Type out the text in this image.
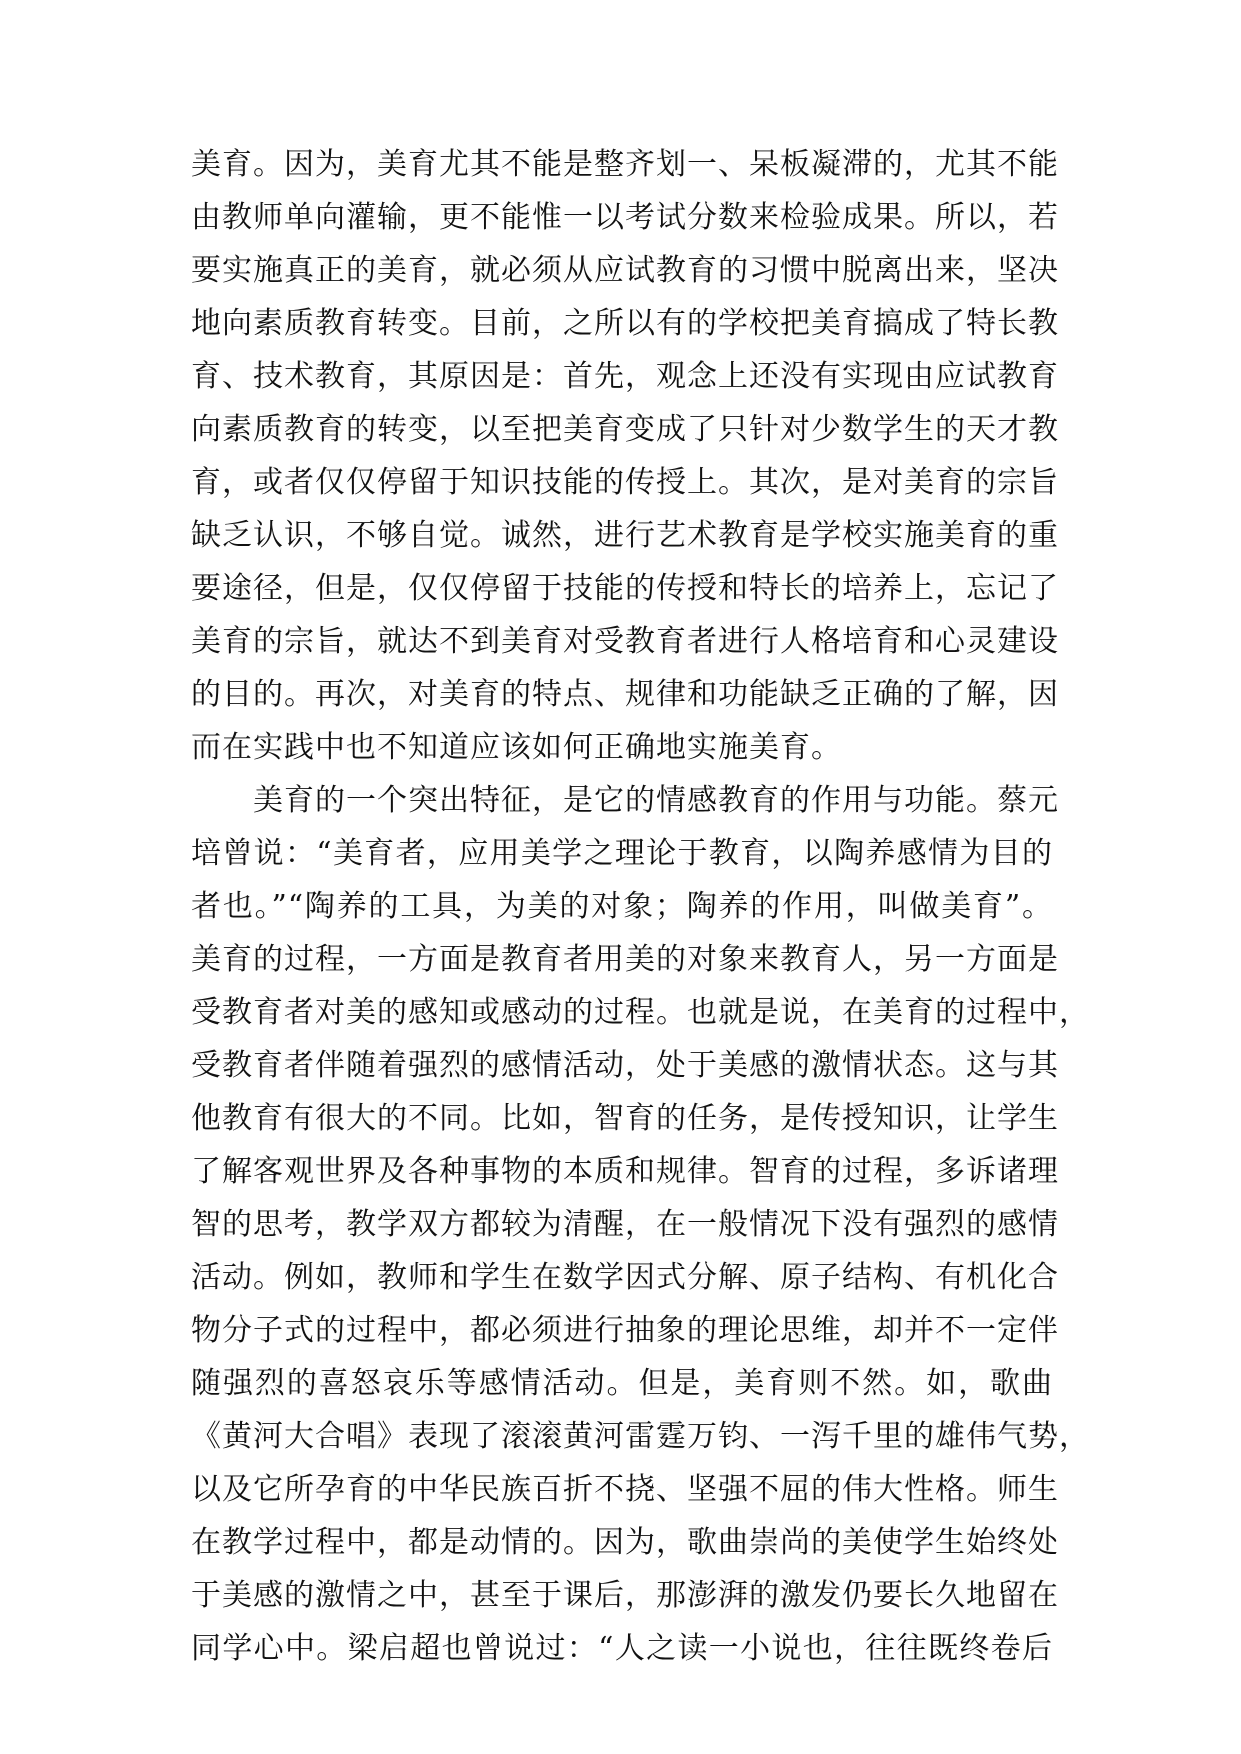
美育。因为，美育尤其不能是整齐划一、呆板凝滞的，尤其不能
由教师单向灌输，更不能惟一以考试分数来检验成果。所以，若
要实施真正的美育，就必须从应试教育的习惯中脱离出来，坚决
地向素质教育转变。目前，之所以有的学校把美育搞成了特长教
育、技术教育，其原因是：首先，观念上还没有实现由应试教育
向素质教育的转变，以至把美育变成了只针对少数学生的天才教
育，或者仅仅停留于知识技能的传授上。其次，是对美育的宗旨
缺乏认识，不够自觉。诚然，进行艺术教育是学校实施美育的重
要途径，但是，仅仅停留于技能的传授和特长的培养上，忘记了
美育的宗旨，就达不到美育对受教育者进行人格培育和心灵建设
的目的。再次，对美育的特点、规律和功能缺乏正确的了解，因
而在实践中也不知道应该如何正确地实施美育。
美育的一个突出特征，是它的情感教育的作用与功能。蔡元
培曾说：“美育者，应用美学之理论于教育，以陶养感情为目的
者也。”“陶养的工具，为美的对象；陶养的作用，叫做美育”。
美育的过程，一方面是教育者用美的对象来教育人，另一方面是
受教育者对美的感知或感动的过程。也就是说，在美育的过程中，
受教育者伴随着强烈的感情活动，处于美感的激情状态。这与其
他教育有很大的不同。比如，智育的任务，是传授知识，让学生
了解客观世界及各种事物的本质和规律。智育的过程，多诉诸理
智的思考，教学双方都较为清醒，在一般情况下没有强烈的感情
活动。例如，教师和学生在数学因式分解、原子结构、有机化合
物分子式的过程中，都必须进行抽象的理论思维，却并不一定伴
随强烈的喜怒哀乐等感情活动。但是，美育则不然。如，歌曲
《黄河大合唱》表现了滚滚黄河雷霆万钧、一泻千里的雄伟气势，
以及它所孕育的中华民族百折不挠、坚强不屈的伟大性格。师生
在教学过程中，都是动情的。因为，歌曲崇尚的美使学生始终处
于美感的激情之中，甚至于课后，那澎湃的激发仍要长久地留在
同学心中。梁启超也曾说过：“人之读一小说也，往往既终卷后
